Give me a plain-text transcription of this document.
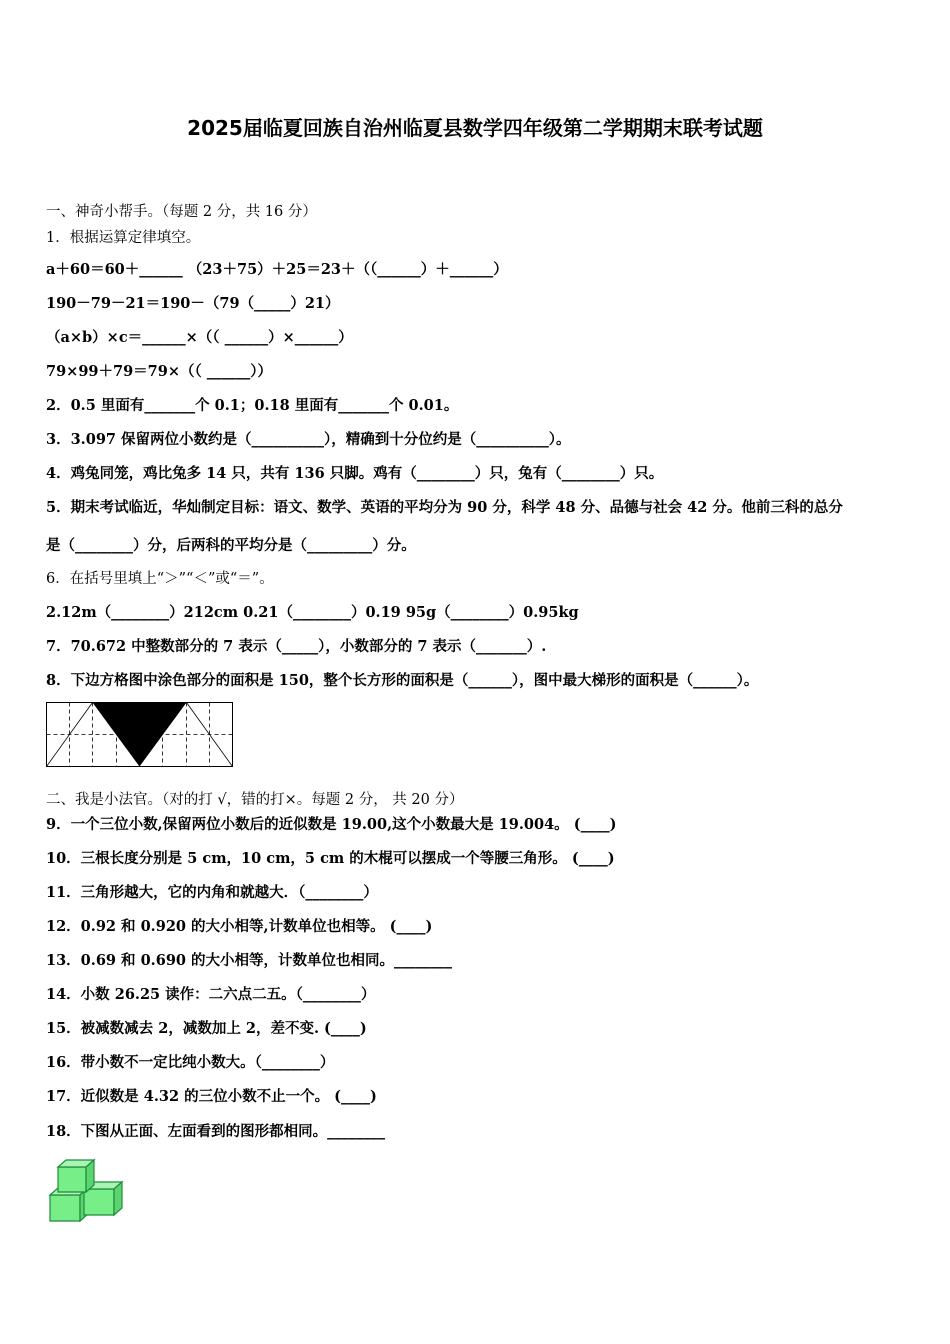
2025届临夏回族自治州临夏县数学四年级第二学期期末联考试题
一、神奇小帮手。（每题 2 分，共 16 分）
1．根据运算定律填空。
a＋60＝60＋______ （23＋75）＋25＝23＋（（______）＋______）
190－79－21＝190－（79（_____）21）
（a×b）×c＝______×（（ ______）×______）
79×99＋79＝79×（（ ______））
2．0.5 里面有_______个 0.1；0.18 里面有_______个 0.01。
3．3.097 保留两位小数约是（__________），精确到十分位约是（__________）。
4．鸡兔同笼，鸡比兔多 14 只，共有 136 只脚。鸡有（________）只，兔有（________）只。
5．期末考试临近，华灿制定目标：语文、数学、英语的平均分为 90 分，科学 48 分、品德与社会 42 分。他前三科的总分
是（________）分，后两科的平均分是（_________）分。
6．在括号里填上“＞”“＜”或“＝”。
2.12m（________）212cm 0.21（________）0.19 95g（________）0.95kg
7．70.672 中整数部分的 7 表示（_____），小数部分的 7 表示（_______）.
8．下边方格图中涂色部分的面积是 150，整个长方形的面积是（______），图中最大梯形的面积是（______）。
二、我是小法官。（对的打 √，错的打×。每题 2 分， 共 20 分）
9．一个三位小数,保留两位小数后的近似数是 19.00,这个小数最大是 19.004。 (____)
10．三根长度分别是 5 cm，10 cm，5 cm 的木棍可以摆成一个等腰三角形。 (____)
11．三角形越大，它的内角和就越大．（________）
12．0.92 和 0.920 的大小相等,计数单位也相等。 (____)
13．0.69 和 0.690 的大小相等，计数单位也相同。________
14．小数 26.25 读作：二六点二五。（________）
15．被减数减去 2，减数加上 2，差不变. (____)
16．带小数不一定比纯小数大。（________）
17．近似数是 4.32 的三位小数不止一个。 (____)
18．下图从正面、左面看到的图形都相同。________
